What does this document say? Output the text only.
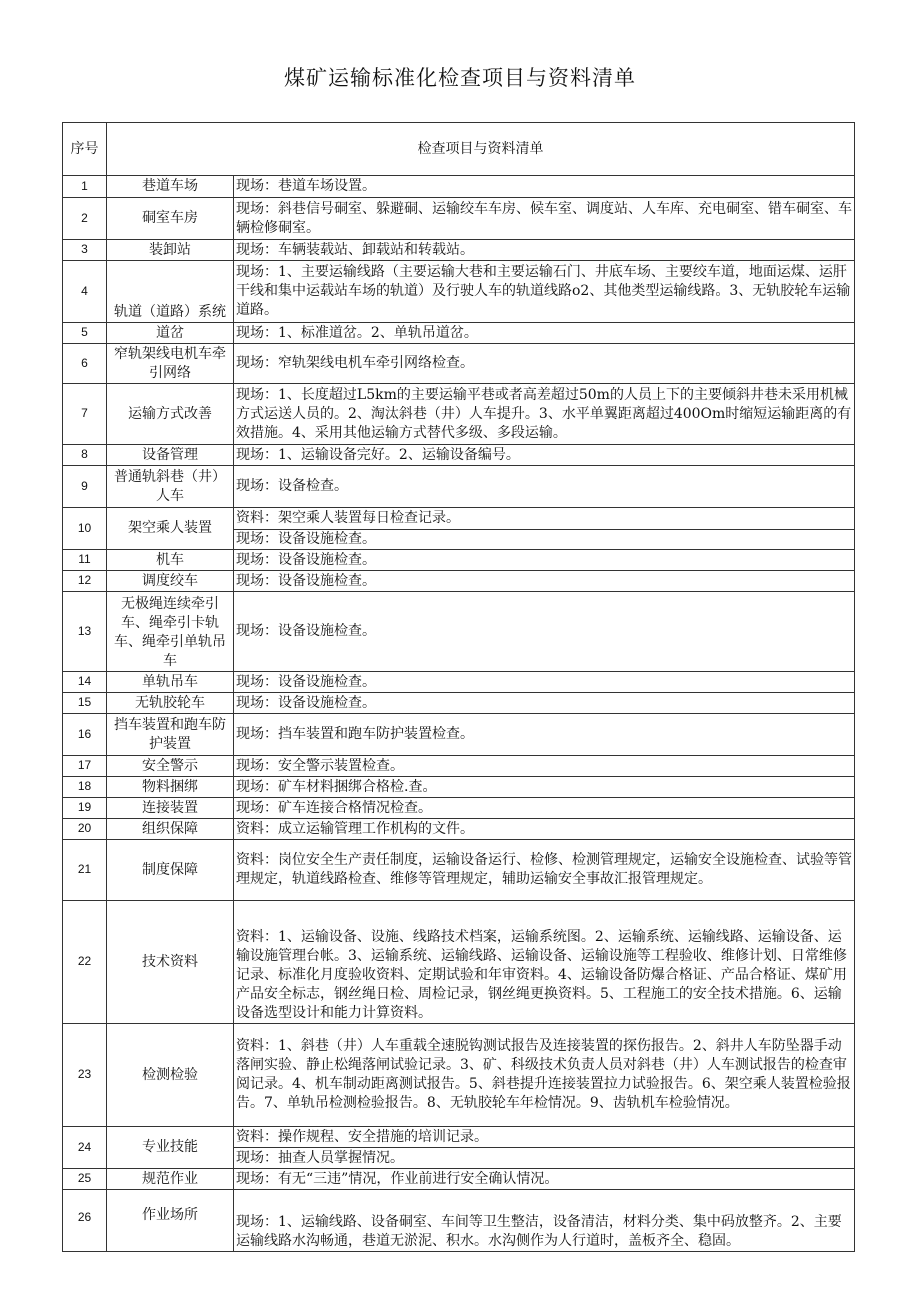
煤矿运输标准化检查项目与资料清单
序号	检查项目与资料清单	
1	巷道车场	现场：巷道车场设置。

2	硐室车房	现场：斜巷信号硐室、躲避硐、运输绞车车房、候车室、调度站、人车库、充电硐室、错车硐室、车辆检修硐室。

3	装卸站	现场：车辆装载站、卸载站和转载站。

4	轨道（道路）系统	现场：1、主要运输线路（主要运输大巷和主要运输石门、井底车场、主要绞车道，地面运煤、运肝干线和集中运载站车场的轨道）及行驶人车的轨道线路o2、其他类型运输线路。3、无轨胶轮车运输道路。

5	道岔	现场：1、标准道岔。2、单轨吊道岔。

6	窄轨架线电机车牵引网络	现场：窄轨架线电机车牵引网络检查。

7	运输方式改善	现场：1、长度超过L5km的主要运输平巷或者高差超过50m的人员上下的主要倾斜井巷未采用机械方式运送人员的。2、淘汰斜巷（井）人车提升。3、水平单翼距离超过400Om时缩短运输距离的有效措施。4、采用其他运输方式替代多级、多段运输。

8	设备管理	现场：1、运输设备完好。2、运输设备编号。

9	普通轨斜巷（井）人车	现场：设备检查。

10	架空乘人装置	资料：架空乘人装置每日检查记录。

		现场：设备设施检查。

11	机车	现场：设备设施检查。

12	调度绞车	现场：设备设施检查。

13	无极绳连续牵引车、绳牵引卡轨车、绳牵引单轨吊车	现场：设备设施检查。

14	单轨吊车	现场：设备设施检查。

15	无轨胶轮车	现场：设备设施检查。

16	挡车装置和跑车防护装置	现场：挡车装置和跑车防护装置检查。

17	安全警示	现场：安全警示装置检查。

18	物料捆绑	现场：矿车材料捆绑合格检.查。

19	连接装置	现场：矿车连接合格情况检查。

20	组织保障	资料：成立运输管理工作机构的文件。

21	制度保障	资料：岗位安全生产责任制度，运输设备运行、检修、检测管理规定，运输安全设施检查、试验等管理规定，轨道线路检查、维修等管理规定，辅助运输安全事故汇报管理规定。

22	技术资料	资料：1、运输设备、设施、线路技术档案，运输系统图。2、运输系统、运输线路、运输设备、运输设施管理台帐。3、运输系统、运输线路、运输设备、运输设施等工程验收、维修计划、日常维修记录、标准化月度验收资料、定期试验和年审资料。4、运输设备防爆合格证、产品合格证、煤矿用产品安全标志，钢丝绳日检、周检记录，钢丝绳更换资料。5、工程施工的安全技术措施。6、运输设备选型设计和能力计算资料。

23	检测检验	资料：1、斜巷（井）人车重载全速脱钩测试报告及连接装置的探伤报告。2、斜井人车防坠器手动落闸实验、静止松绳落闸试验记录。3、矿、科级技术负责人员对斜巷（井）人车测试报告的检查审阅记录。4、机车制动距离测试报告。5、斜巷提升连接装置拉力试验报告。6、架空乘人装置检验报告。7、单轨吊检测检验报告。8、无轨胶轮车年检情况。9、齿轨机车检验情况。

24	专业技能	资料：操作规程、安全措施的培训记录。

		现场：抽查人员掌握情况。

25	规范作业	现场：有无“三违”情况，作业前进行安全确认情况。

26	作业场所	现场：1、运输线路、设备硐室、车间等卫生整洁，设备清洁，材料分类、集中码放整齐。2、主要运输线路水沟畅通，巷道无淤泥、积水。水沟侧作为人行道时，盖板齐全、稳固。
